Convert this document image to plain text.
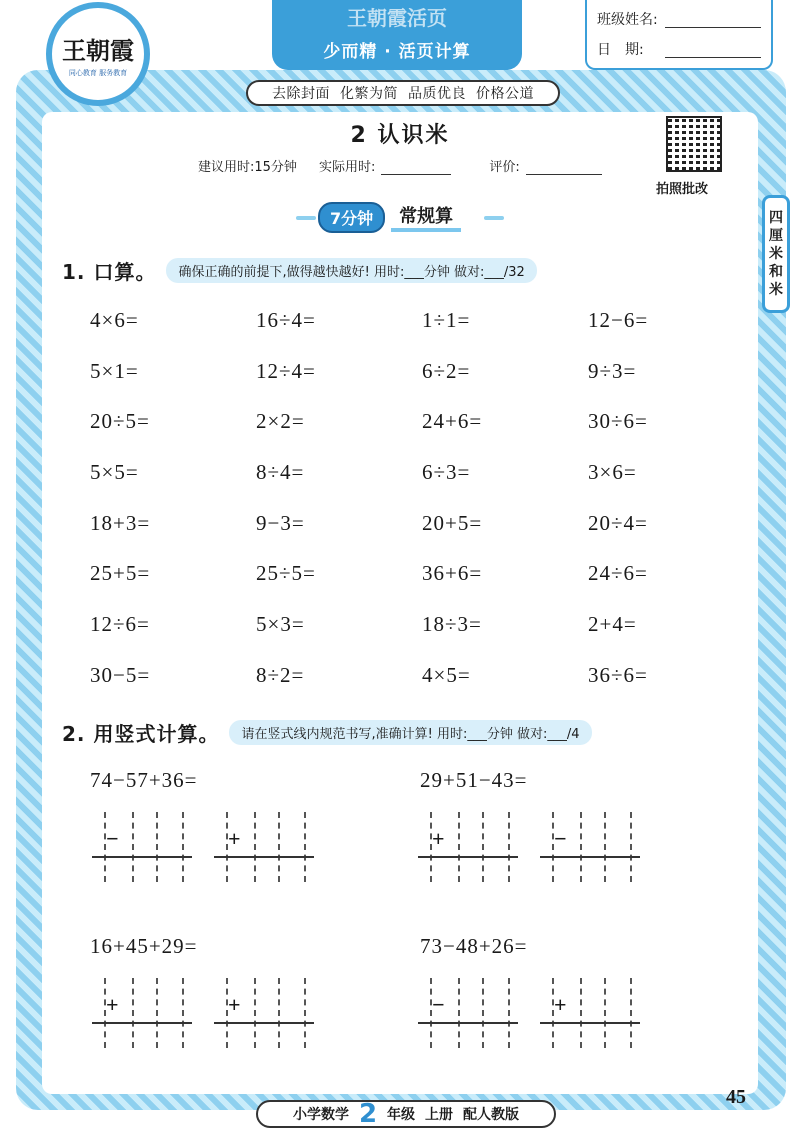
王朝霞
同心教育 服务教育
王朝霞活页
少而精 · 活页计算
班级姓名:
日　期:
去除封面 化繁为简 品质优良 价格公道
2 认识米
建议用时:15分钟 实际用时:	评价:
拍照批改
四
厘
米
和
米
7分钟	常规算
1. 口算。	确保正确的前提下,做得越快越好! 用时:___分钟 做对:___/32
4×6=	16÷4=	1÷1=	12−6=
5×1=	12÷4=	6÷2=	9÷3=
20÷5=	2×2=	24+6=	30÷6=
5×5=	8÷4=	6÷3=	3×6=
18+3=	9−3=	20+5=	20÷4=
25+5=	25÷5=	36+6=	24÷6=
12÷6=	5×3=	18÷3=	2+4=
30−5=	8÷2=	4×5=	36÷6=
2. 用竖式计算。	请在竖式线内规范书写,准确计算! 用时:___分钟 做对:___/4
74−57+36=	29+51−43=
16+45+29=	73−48+26=
−	+	+	−
+	+	−	+
小学数学 2 年级 上册 配人教版
45
